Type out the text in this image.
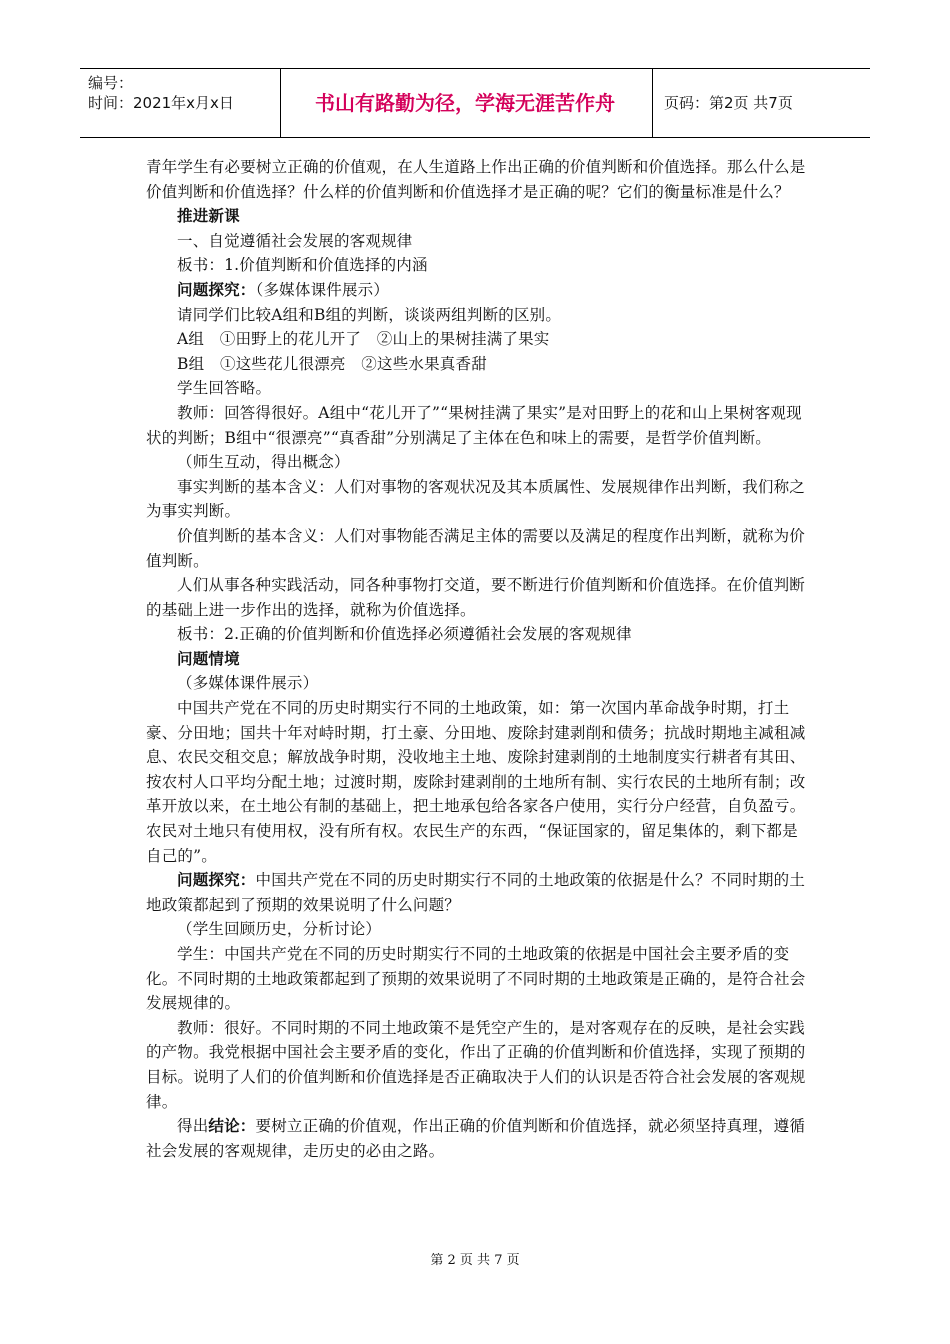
编号：
时间：2021年x月x日	书山有路勤为径，学海无涯苦作舟	页码：第2页 共7页

青年学生有必要树立正确的价值观，在人生道路上作出正确的价值判断和价值选择。那么什么是价值判断和价值选择？什么样的价值判断和价值选择才是正确的呢？它们的衡量标准是什么？

推进新课

一、自觉遵循社会发展的客观规律

板书：1.价值判断和价值选择的内涵

问题探究：（多媒体课件展示）

请同学们比较A组和B组的判断，谈谈两组判断的区别。

A组　①田野上的花儿开了　②山上的果树挂满了果实

B组　①这些花儿很漂亮　②这些水果真香甜

学生回答略。

教师：回答得很好。A组中“花儿开了”“果树挂满了果实”是对田野上的花和山上果树客观现状的判断；B组中“很漂亮”“真香甜”分别满足了主体在色和味上的需要，是哲学价值判断。

（师生互动，得出概念）

事实判断的基本含义：人们对事物的客观状况及其本质属性、发展规律作出判断，我们称之为事实判断。

价值判断的基本含义：人们对事物能否满足主体的需要以及满足的程度作出判断，就称为价值判断。

人们从事各种实践活动，同各种事物打交道，要不断进行价值判断和价值选择。在价值判断的基础上进一步作出的选择，就称为价值选择。

板书：2.正确的价值判断和价值选择必须遵循社会发展的客观规律

问题情境

（多媒体课件展示）

中国共产党在不同的历史时期实行不同的土地政策，如：第一次国内革命战争时期，打土豪、分田地；国共十年对峙时期，打土豪、分田地、废除封建剥削和债务；抗战时期地主减租减息、农民交租交息；解放战争时期，没收地主土地、废除封建剥削的土地制度实行耕者有其田、按农村人口平均分配土地；过渡时期，废除封建剥削的土地所有制、实行农民的土地所有制；改革开放以来，在土地公有制的基础上，把土地承包给各家各户使用，实行分户经营，自负盈亏。农民对土地只有使用权，没有所有权。农民生产的东西，“保证国家的，留足集体的，剩下都是自己的”。

问题探究：中国共产党在不同的历史时期实行不同的土地政策的依据是什么？不同时期的土地政策都起到了预期的效果说明了什么问题？

（学生回顾历史，分析讨论）

学生：中国共产党在不同的历史时期实行不同的土地政策的依据是中国社会主要矛盾的变化。不同时期的土地政策都起到了预期的效果说明了不同时期的土地政策是正确的，是符合社会发展规律的。

教师：很好。不同时期的不同土地政策不是凭空产生的，是对客观存在的反映，是社会实践的产物。我党根据中国社会主要矛盾的变化，作出了正确的价值判断和价值选择，实现了预期的目标。说明了人们的价值判断和价值选择是否正确取决于人们的认识是否符合社会发展的客观规律。

得出结论：要树立正确的价值观，作出正确的价值判断和价值选择，就必须坚持真理，遵循社会发展的客观规律，走历史的必由之路。

第 2 页 共 7 页
